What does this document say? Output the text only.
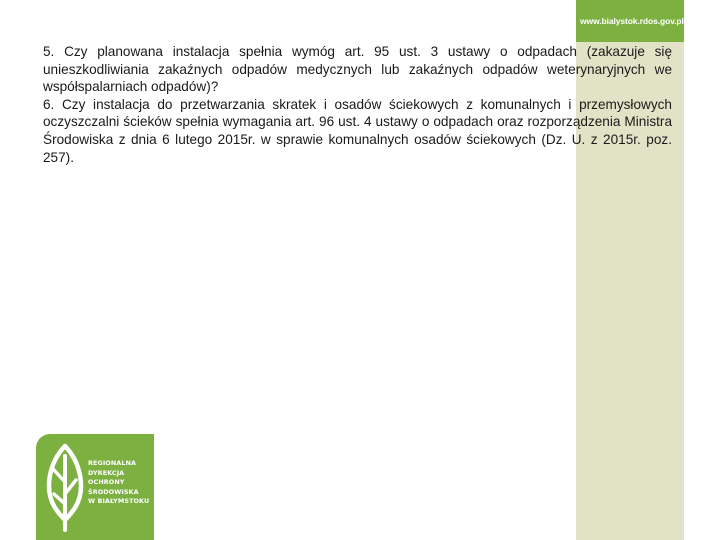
www.bialystok.rdos.gov.pl

5. Czy planowana instalacja spełnia wymóg art. 95 ust. 3 ustawy o odpadach (zakazuje się unieszkodliwiania zakaźnych odpadów medycznych lub zakaźnych odpadów weterynaryjnych we współspalarniach odpadów)?

6. Czy instalacja do przetwarzania skratek i osadów ściekowych z komunalnych i przemysłowych oczyszczalni ścieków spełnia wymagania art. 96 ust. 4 ustawy o odpadach oraz rozporządzenia Ministra Środowiska z dnia 6 lutego 2015r. w sprawie komunalnych osadów ściekowych (Dz. U. z 2015r. poz. 257).

REGIONALNA
DYREKCJA
OCHRONY
ŚRODOWISKA
W BIAŁYMSTOKU
